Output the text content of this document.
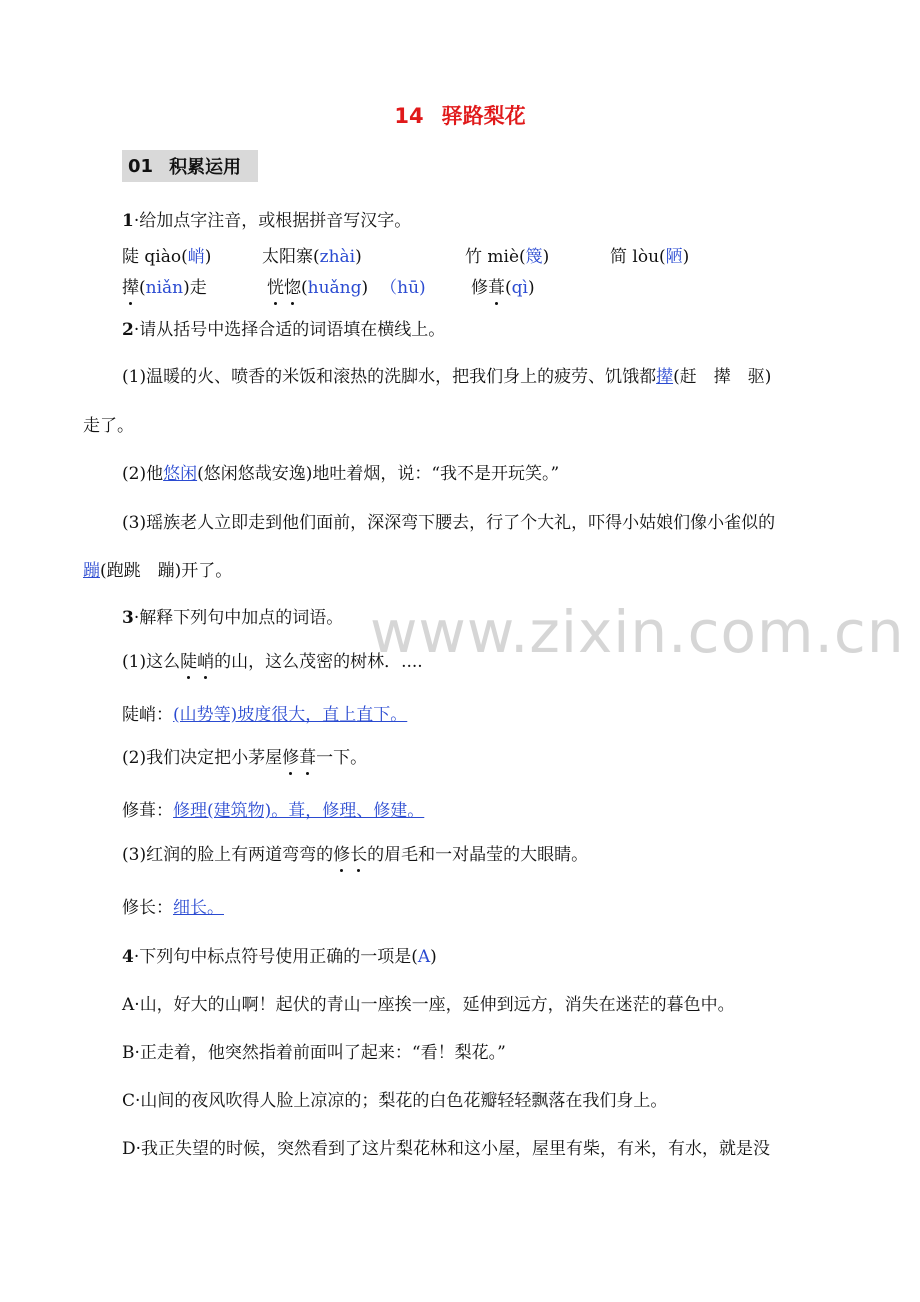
14 驿路梨花
01 积累运用
www.zixin.com.cn
1·给加点字注音，或根据拼音写汉字。
陡 qiào(峭)	太阳寨(zhài)	竹 miè(篾)	简 lòu(陋)
撵(niǎn)走	恍惚(huǎng) （hū)	修葺(qì)
2·请从括号中选择合适的词语填在横线上。
(1)温暖的火、喷香的米饭和滚热的洗脚水，把我们身上的疲劳、饥饿都撵(赶　撵　驱)
走了。
(2)他悠闲(悠闲悠哉安逸)地吐着烟，说：“我不是开玩笑。”
(3)瑶族老人立即走到他们面前，深深弯下腰去，行了个大礼，吓得小姑娘们像小雀似的
蹦(跑跳　蹦)开了。
3·解释下列句中加点的词语。
(1)这么陡峭的山，这么茂密的树林．....
陡峭：(山势等)坡度很大，直上直下。
(2)我们决定把小茅屋修葺一下。
修葺：修理(建筑物)。葺，修理、修建。
(3)红润的脸上有两道弯弯的修长的眉毛和一对晶莹的大眼睛。
修长：细长。
4·下列句中标点符号使用正确的一项是(A)
A·山，好大的山啊！起伏的青山一座挨一座，延伸到远方，消失在迷茫的暮色中。
B·正走着，他突然指着前面叫了起来：“看！梨花。”
C·山间的夜风吹得人脸上凉凉的；梨花的白色花瓣轻轻飘落在我们身上。
D·我正失望的时候，突然看到了这片梨花林和这小屋，屋里有柴，有米，有水，就是没
